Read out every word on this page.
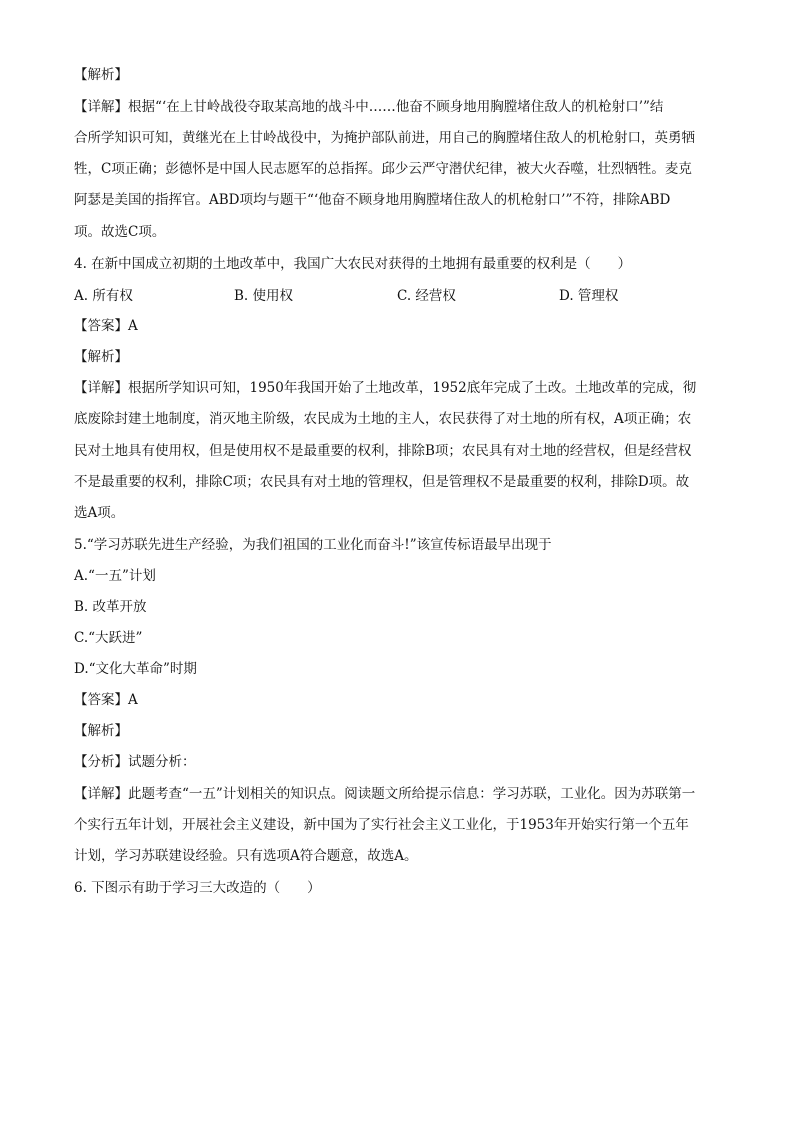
【解析】
【详解】根据“‘在上甘岭战役夺取某高地的战斗中……他奋不顾身地用胸膛堵住敌人的机枪射口’”结
合所学知识可知，黄继光在上甘岭战役中，为掩护部队前进，用自己的胸膛堵住敌人的机枪射口，英勇牺
牲，C项正确；彭德怀是中国人民志愿军的总指挥。邱少云严守潜伏纪律，被大火吞噬，壮烈牺牲。麦克
阿瑟是美国的指挥官。ABD项均与题干“‘他奋不顾身地用胸膛堵住敌人的机枪射口’”不符，排除ABD
项。故选C项。
4. 在新中国成立初期的土地改革中，我国广大农民对获得的土地拥有最重要的权利是（　　）
A. 所有权	B. 使用权	C. 经营权	D. 管理权
【答案】A
【解析】
【详解】根据所学知识可知，1950年我国开始了土地改革，1952底年完成了土改。土地改革的完成，彻
底废除封建土地制度，消灭地主阶级，农民成为土地的主人，农民获得了对土地的所有权，A项正确；农
民对土地具有使用权，但是使用权不是最重要的权利，排除B项；农民具有对土地的经营权，但是经营权
不是最重要的权利，排除C项；农民具有对土地的管理权，但是管理权不是最重要的权利，排除D项。故
选A项。
5.“学习苏联先进生产经验，为我们祖国的工业化而奋斗!”该宣传标语最早出现于
A.“一五”计划
B. 改革开放
C.“大跃进”
D.“文化大革命”时期
【答案】A
【解析】
【分析】试题分析：
【详解】此题考查“一五”计划相关的知识点。阅读题文所给提示信息：学习苏联，工业化。因为苏联第一
个实行五年计划，开展社会主义建设，新中国为了实行社会主义工业化，于1953年开始实行第一个五年
计划，学习苏联建设经验。只有选项A符合题意，故选A。
6. 下图示有助于学习三大改造的（　　）
